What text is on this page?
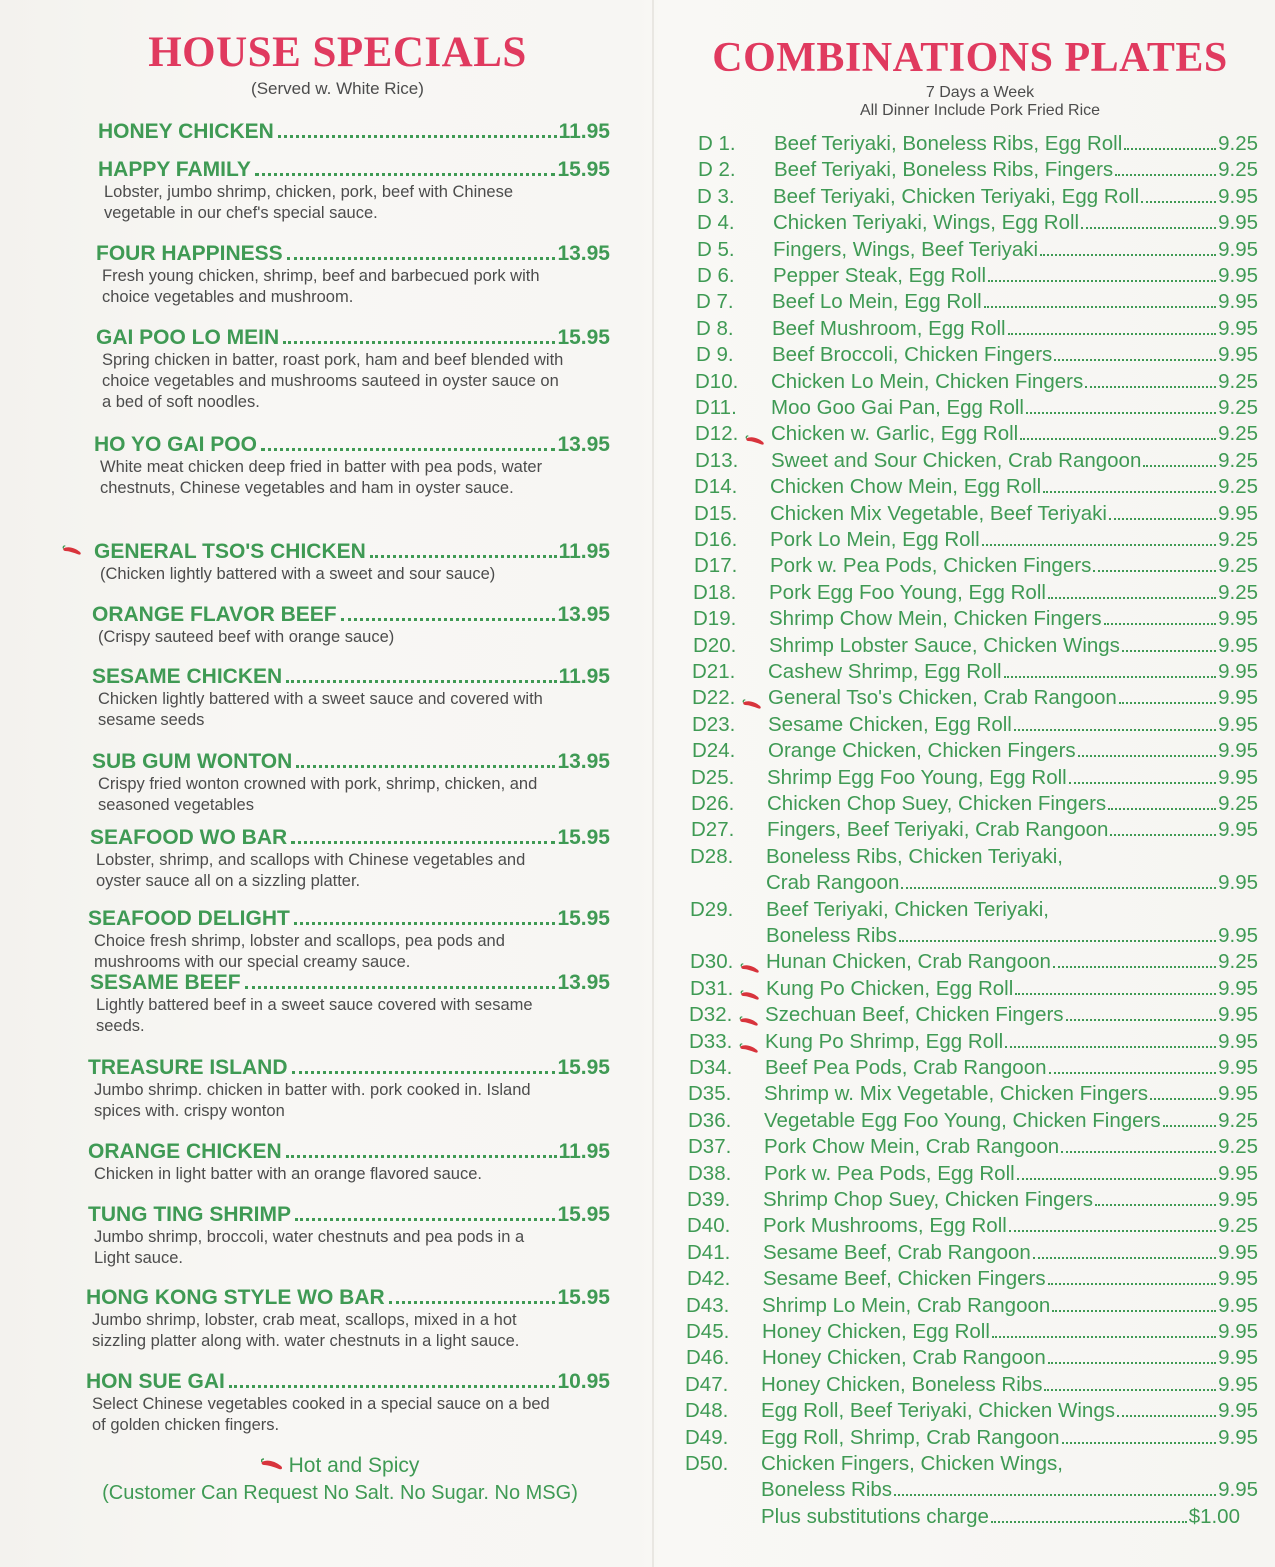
HOUSE SPECIALS
(Served w. White Rice)
HONEY CHICKEN	11.95
HAPPY FAMILY	15.95
Lobster, jumbo shrimp, chicken, pork, beef with Chinese vegetable in our chef's special sauce.
FOUR HAPPINESS	13.95
Fresh young chicken, shrimp, beef and barbecued pork with choice vegetables and mushroom.
GAI POO LO MEIN	15.95
Spring chicken in batter, roast pork, ham and beef blended with choice vegetables and mushrooms sauteed in oyster sauce on a bed of soft noodles.
HO YO GAI POO	13.95
White meat chicken deep fried in batter with pea pods, water chestnuts, Chinese vegetables and ham in oyster sauce.
GENERAL TSO'S CHICKEN	11.95
(Chicken lightly battered with a sweet and sour sauce)
ORANGE FLAVOR BEEF	13.95
(Crispy sauteed beef with orange sauce)
SESAME CHICKEN	11.95
Chicken lightly battered with a sweet sauce and covered with sesame seeds
SUB GUM WONTON	13.95
Crispy fried wonton crowned with pork, shrimp, chicken, and seasoned vegetables
SEAFOOD WO BAR	15.95
Lobster, shrimp, and scallops with Chinese vegetables and oyster sauce all on a sizzling platter.
SEAFOOD DELIGHT	15.95
Choice fresh shrimp, lobster and scallops, pea pods and mushrooms with our special creamy sauce.
SESAME BEEF	13.95
Lightly battered beef in a sweet sauce covered with sesame seeds.
TREASURE ISLAND	15.95
Jumbo shrimp. chicken in batter with. pork cooked in. Island spices with. crispy wonton
ORANGE CHICKEN	11.95
Chicken in light batter with an orange flavored sauce.
TUNG TING SHRIMP	15.95
Jumbo shrimp, broccoli, water chestnuts and pea pods in a Light sauce.
HONG KONG STYLE WO BAR	15.95
Jumbo shrimp, lobster, crab meat, scallops, mixed in a hot sizzling platter along with. water chestnuts in a light sauce.
HON SUE GAI	10.95
Select Chinese vegetables cooked in a special sauce on a bed of golden chicken fingers.
Hot and Spicy
(Customer Can Request No Salt. No Sugar. No MSG)
COMBINATIONS PLATES
7 Days a Week
All Dinner Include Pork Fried Rice
D 1.	Beef Teriyaki, Boneless Ribs, Egg Roll	9.25
D 2.	Beef Teriyaki, Boneless Ribs, Fingers	9.25
D 3.	Beef Teriyaki, Chicken Teriyaki, Egg Roll	9.95
D 4.	Chicken Teriyaki, Wings, Egg Roll	9.95
D 5.	Fingers, Wings, Beef Teriyaki	9.95
D 6.	Pepper Steak, Egg Roll	9.95
D 7.	Beef Lo Mein, Egg Roll	9.95
D 8.	Beef Mushroom, Egg Roll	9.95
D 9.	Beef Broccoli, Chicken Fingers	9.95
D10.	Chicken Lo Mein, Chicken Fingers	9.25
D11.	Moo Goo Gai Pan, Egg Roll	9.25
D12.	Chicken w. Garlic, Egg Roll	9.25
D13.	Sweet and Sour Chicken, Crab Rangoon	9.25
D14.	Chicken Chow Mein, Egg Roll	9.25
D15.	Chicken Mix Vegetable, Beef Teriyaki	9.95
D16.	Pork Lo Mein, Egg Roll	9.25
D17.	Pork w. Pea Pods, Chicken Fingers	9.25
D18.	Pork Egg Foo Young, Egg Roll	9.25
D19.	Shrimp Chow Mein, Chicken Fingers	9.95
D20.	Shrimp Lobster Sauce, Chicken Wings	9.95
D21.	Cashew Shrimp, Egg Roll	9.95
D22.	General Tso's Chicken, Crab Rangoon	9.95
D23.	Sesame Chicken, Egg Roll	9.95
D24.	Orange Chicken, Chicken Fingers	9.95
D25.	Shrimp Egg Foo Young, Egg Roll	9.95
D26.	Chicken Chop Suey, Chicken Fingers	9.25
D27.	Fingers, Beef Teriyaki, Crab Rangoon	9.95
D28.	Boneless Ribs, Chicken Teriyaki,
Crab Rangoon	9.95
D29.	Beef Teriyaki, Chicken Teriyaki,
Boneless Ribs	9.95
D30.	Hunan Chicken, Crab Rangoon	9.25
D31.	Kung Po Chicken, Egg Roll	9.95
D32.	Szechuan Beef, Chicken Fingers	9.95
D33.	Kung Po Shrimp, Egg Roll	9.95
D34.	Beef Pea Pods, Crab Rangoon	9.95
D35.	Shrimp w. Mix Vegetable, Chicken Fingers	9.95
D36.	Vegetable Egg Foo Young, Chicken Fingers	9.25
D37.	Pork Chow Mein, Crab Rangoon	9.25
D38.	Pork w. Pea Pods, Egg Roll	9.95
D39.	Shrimp Chop Suey, Chicken Fingers	9.95
D40.	Pork Mushrooms, Egg Roll	9.25
D41.	Sesame Beef, Crab Rangoon	9.95
D42.	Sesame Beef, Chicken Fingers	9.95
D43.	Shrimp Lo Mein, Crab Rangoon	9.95
D45.	Honey Chicken, Egg Roll	9.95
D46.	Honey Chicken, Crab Rangoon	9.95
D47.	Honey Chicken, Boneless Ribs	9.95
D48.	Egg Roll, Beef Teriyaki, Chicken Wings	9.95
D49.	Egg Roll, Shrimp, Crab Rangoon	9.95
D50.	Chicken Fingers, Chicken Wings,
Boneless Ribs	9.95
Plus substitutions charge	$1.00
